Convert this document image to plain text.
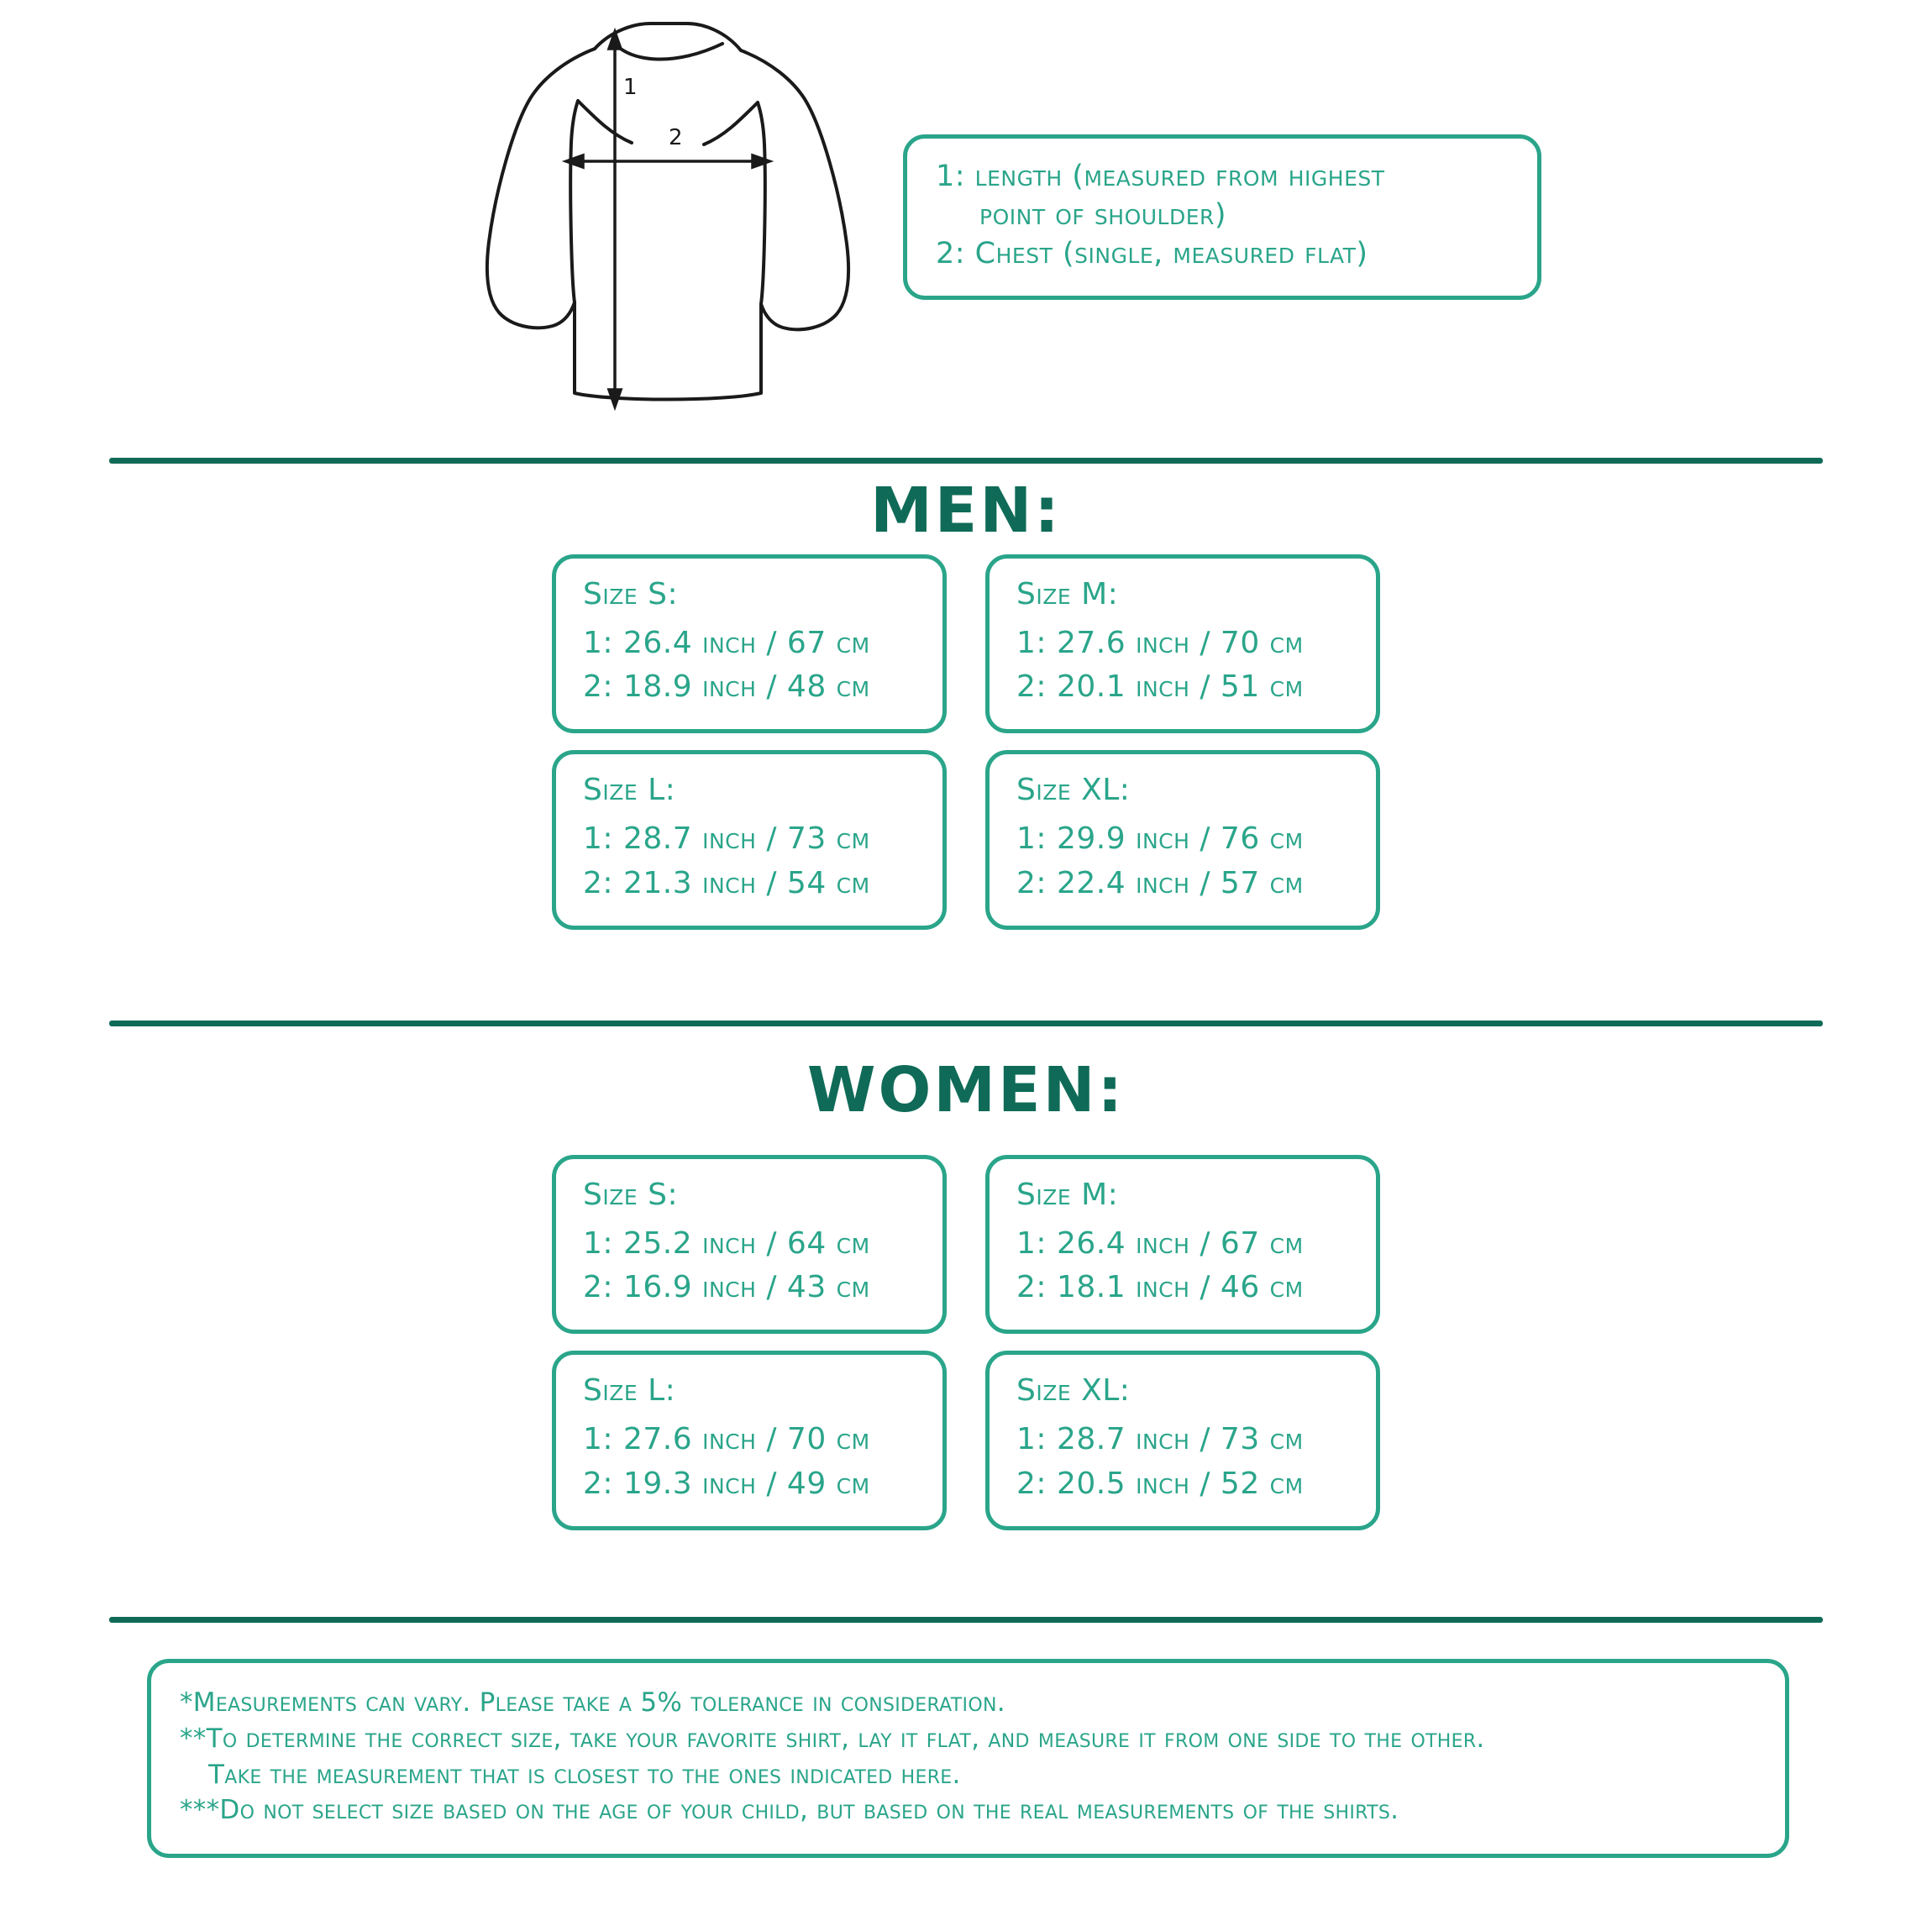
1
2
1: length (measured from highest
point of shoulder)
2: Chest (single, measured flat)
MEN:
Size S:
1: 26.4 inch / 67 cm
2: 18.9 inch / 48 cm
Size M:
1: 27.6 inch / 70 cm
2: 20.1 inch / 51 cm
Size L:
1: 28.7 inch / 73 cm
2: 21.3 inch / 54 cm
Size XL:
1: 29.9 inch / 76 cm
2: 22.4 inch / 57 cm
WOMEN:
Size S:
1: 25.2 inch / 64 cm
2: 16.9 inch / 43 cm
Size M:
1: 26.4 inch / 67 cm
2: 18.1 inch / 46 cm
Size L:
1: 27.6 inch / 70 cm
2: 19.3 inch / 49 cm
Size XL:
1: 28.7 inch / 73 cm
2: 20.5 inch / 52 cm
*Measurements can vary. Please take a 5% tolerance in consideration.
**To determine the correct size, take your favorite shirt, lay it flat, and measure it from one side to the other.
Take the measurement that is closest to the ones indicated here.
***Do not select size based on the age of your child, but based on the real measurements of the shirts.
